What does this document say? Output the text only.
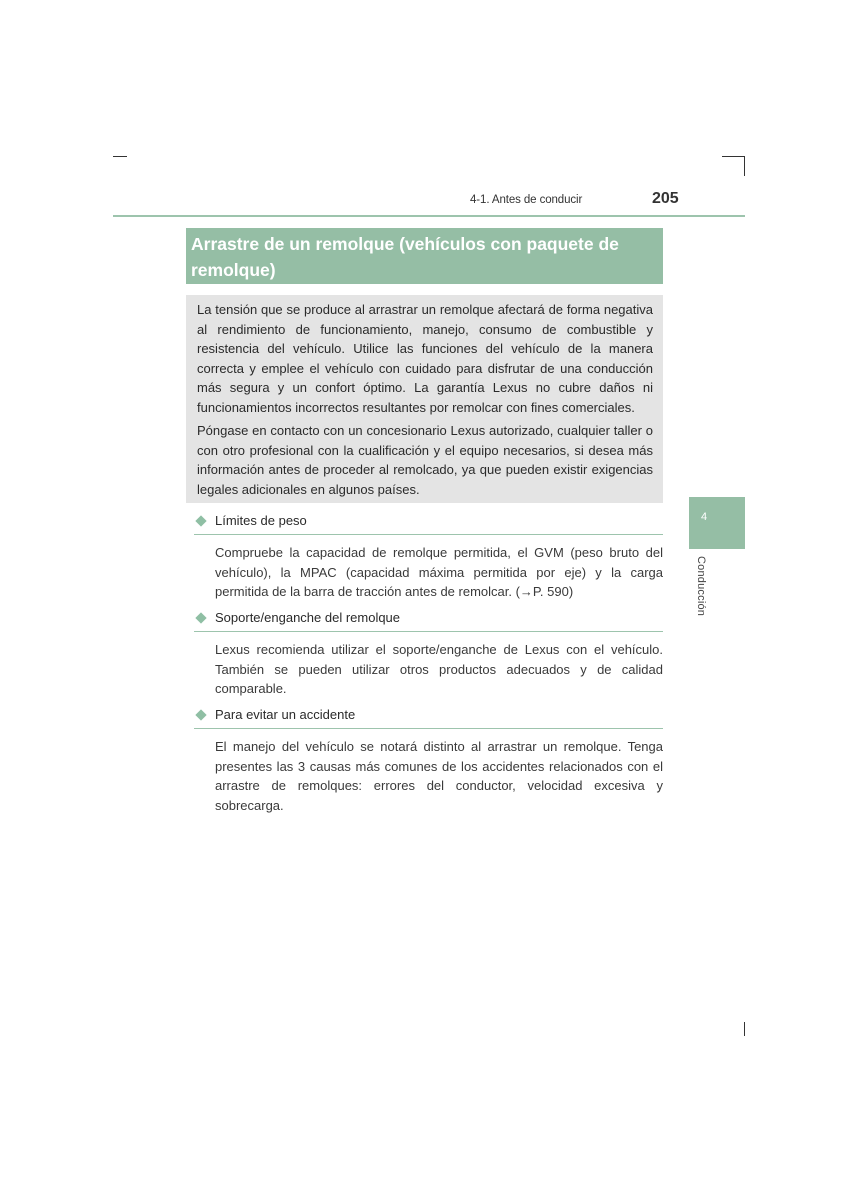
4-1. Antes de conducir	205
Arrastre de un remolque (vehículos con paquete de remolque)

La tensión que se produce al arrastrar un remolque afectará de forma negativa al rendimiento de funcionamiento, manejo, consumo de combustible y resistencia del vehículo. Utilice las funciones del vehículo de la manera correcta y emplee el vehículo con cuidado para disfrutar de una conducción más segura y un confort óptimo. La garantía Lexus no cubre daños ni funcionamientos incorrectos resultantes por remolcar con fines comerciales.

Póngase en contacto con un concesionario Lexus autorizado, cualquier taller o con otro profesional con la cualificación y el equipo necesarios, si desea más información antes de proceder al remolcado, ya que pueden existir exigencias legales adicionales en algunos países.

Límites de peso
Compruebe la capacidad de remolque permitida, el GVM (peso bruto del vehículo), la MPAC (capacidad máxima permitida por eje) y la carga permitida de la barra de tracción antes de remolcar. (→P. 590)
Soporte/enganche del remolque
Lexus recomienda utilizar el soporte/enganche de Lexus con el vehículo. También se pueden utilizar otros productos adecuados y de calidad comparable.
Para evitar un accidente
El manejo del vehículo se notará distinto al arrastrar un remolque. Tenga presentes las 3 causas más comunes de los accidentes relacionados con el arrastre de remolques: errores del conductor, velocidad excesiva y sobrecarga.
4
Conducción
